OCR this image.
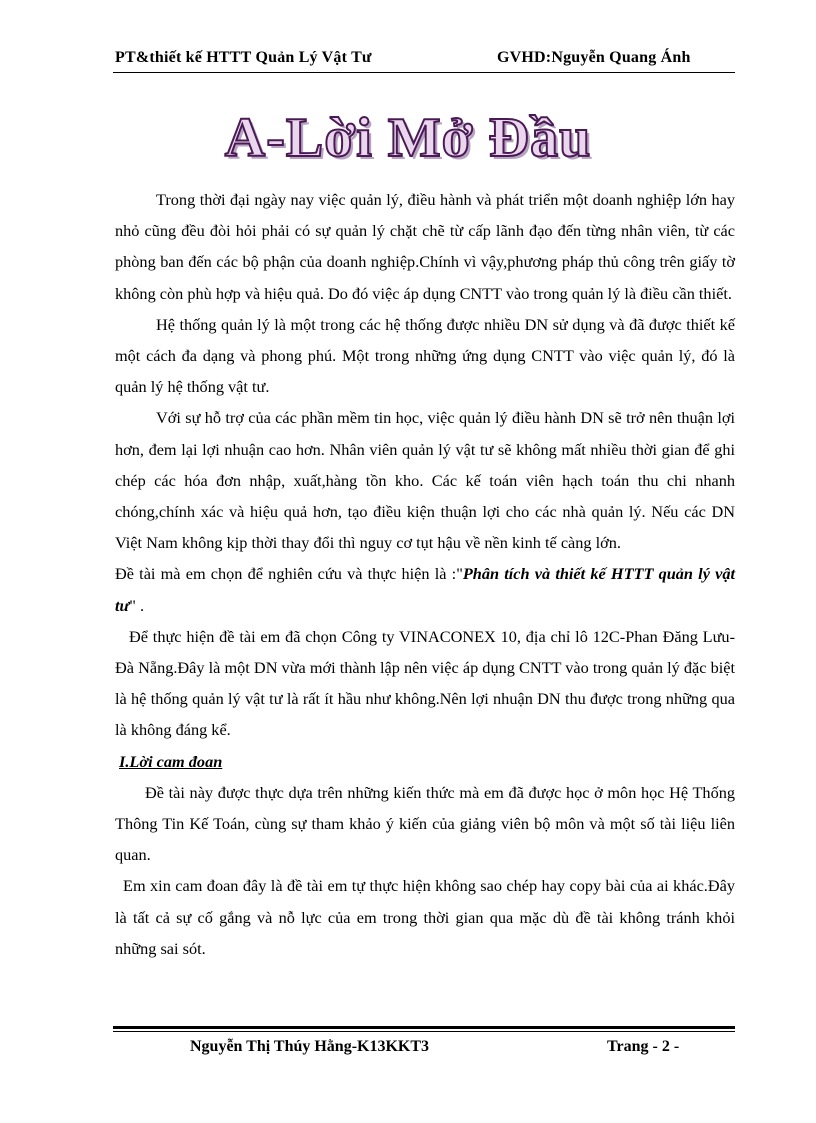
PT&thiết kế HTTT Quản Lý Vật Tư	GVHD:Nguyễn Quang Ánh
A-Lời Mở Đầu

Trong thời đại ngày nay việc quản lý, điều hành và phát triển một doanh nghiệp lớn hay nhỏ cũng đều đòi hỏi phải có sự quản lý chặt chẽ từ cấp lãnh đạo đến từng nhân viên, từ các phòng ban đến các bộ phận của doanh nghiệp.Chính vì vậy,phương pháp thủ công trên giấy tờ không còn phù hợp và hiệu quả. Do đó việc áp dụng CNTT vào trong quản lý là điều cần thiết.

Hệ thống quản lý là một trong các hệ thống được nhiều DN sử dụng và đã được thiết kế một cách đa dạng và phong phú. Một trong những ứng dụng CNTT vào việc quản lý, đó là quản lý hệ thống vật tư.

Với sự hỗ trợ của các phần mềm tin học, việc quản lý điều hành DN sẽ trở nên thuận lợi hơn, đem lại lợi nhuận cao hơn. Nhân viên quản lý vật tư sẽ không mất nhiều thời gian để ghi chép các hóa đơn nhập, xuất,hàng tồn kho. Các kế toán viên hạch toán thu chi nhanh chóng,chính xác và hiệu quả hơn, tạo điều kiện thuận lợi cho các nhà quản lý. Nếu các DN Việt Nam không kịp thời thay đổi thì nguy cơ tụt hậu về nền kinh tế càng lớn.

Đề tài mà em chọn để nghiên cứu và thực hiện là :"Phân tích và thiết kế HTTT quản lý vật tư" .

Để thực hiện đề tài em đã chọn Công ty VINACONEX 10, địa chỉ lô 12C-Phan Đăng Lưu-Đà Nẵng.Đây là một DN vừa mới thành lập nên việc áp dụng CNTT vào trong quản lý đặc biệt là hệ thống quản lý vật tư là rất ít hầu như không.Nên lợi nhuận DN thu được trong những qua là không đáng kể.

I.Lời cam đoan

Đề tài này được thực dựa trên những kiến thức mà em đã được học ở môn học Hệ Thống Thông Tin Kế Toán, cùng sự tham khảo ý kiến của giảng viên bộ môn và một số tài liệu liên quan.

Em xin cam đoan đây là đề tài em tự thực hiện không sao chép hay copy bài của ai khác.Đây là tất cả sự cố gắng và nỗ lực của em trong thời gian qua mặc dù đề tài không tránh khỏi những sai sót.

Nguyễn Thị Thúy Hằng-K13KKT3	Trang - 2 -
